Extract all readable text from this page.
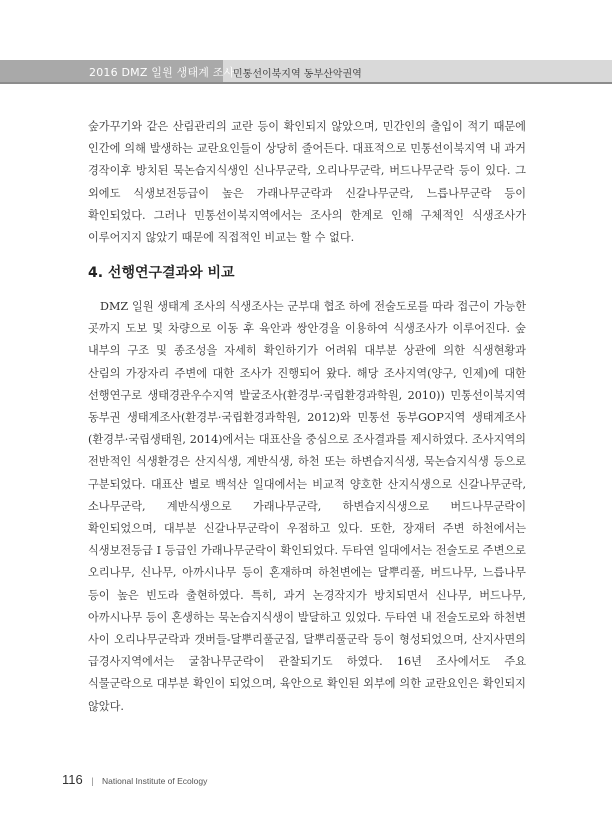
2016 DMZ 일원 생태계 조사
민통선이북지역 동부산악권역

숲가꾸기와 같은 산림관리의 교란 등이 확인되지 않았으며, 민간인의 출입이 적기 때문에 인간에 의해 발생하는 교란요인들이 상당히 줄어든다. 대표적으로 민통선이북지역 내 과거 경작이후 방치된 묵논습지식생인 신나무군락, 오리나무군락, 버드나무군락 등이 있다. 그 외에도 식생보전등급이 높은 가래나무군락과 신갈나무군락, 느릅나무군락 등이 확인되었다. 그러나 민통선이북지역에서는 조사의 한계로 인해 구체적인 식생조사가 이루어지지 않았기 때문에 직접적인 비교는 할 수 없다.

4. 선행연구결과와 비교

DMZ 일원 생태계 조사의 식생조사는 군부대 협조 하에 전술도로를 따라 접근이 가능한 곳까지 도보 및 차량으로 이동 후 육안과 쌍안경을 이용하여 식생조사가 이루어진다. 숲 내부의 구조 및 종조성을 자세히 확인하기가 어려워 대부분 상관에 의한 식생현황과 산림의 가장자리 주변에 대한 조사가 진행되어 왔다. 해당 조사지역(양구, 인제)에 대한 선행연구로 생태경관우수지역 발굴조사(환경부·국립환경과학원, 2010)) 민통선이북지역 동부권 생태계조사(환경부·국립환경과학원, 2012)와 민통선 동부GOP지역 생태계조사(환경부·국립생태원, 2014)에서는 대표산을 중심으로 조사결과를 제시하였다. 조사지역의 전반적인 식생환경은 산지식생, 계반식생, 하천 또는 하변습지식생, 묵논습지식생 등으로 구분되었다. 대표산 별로 백석산 일대에서는 비교적 양호한 산지식생으로 신갈나무군락, 소나무군락, 계반식생으로 가래나무군락, 하변습지식생으로 버드나무군락이 확인되었으며, 대부분 신갈나무군락이 우점하고 있다. 또한, 장재터 주변 하천에서는 식생보전등급 I 등급인 가래나무군락이 확인되었다. 두타연 일대에서는 전술도로 주변으로 오리나무, 신나무, 아까시나무 등이 혼재하며 하천변에는 달뿌리풀, 버드나무, 느릅나무 등이 높은 빈도라 출현하였다. 특히, 과거 논경작지가 방치되면서 신나무, 버드나무, 아까시나무 등이 혼생하는 묵논습지식생이 발달하고 있었다. 두타연 내 전술도로와 하천변 사이 오리나무군락과 갯버들-달뿌리풀군집, 달뿌리풀군락 등이 형성되었으며, 산지사면의 급경사지역에서는 굴참나무군락이 관찰되기도 하였다. 16년 조사에서도 주요 식물군락으로 대부분 확인이 되었으며, 육안으로 확인된 외부에 의한 교란요인은 확인되지 않았다.

116 | National Institute of Ecology
